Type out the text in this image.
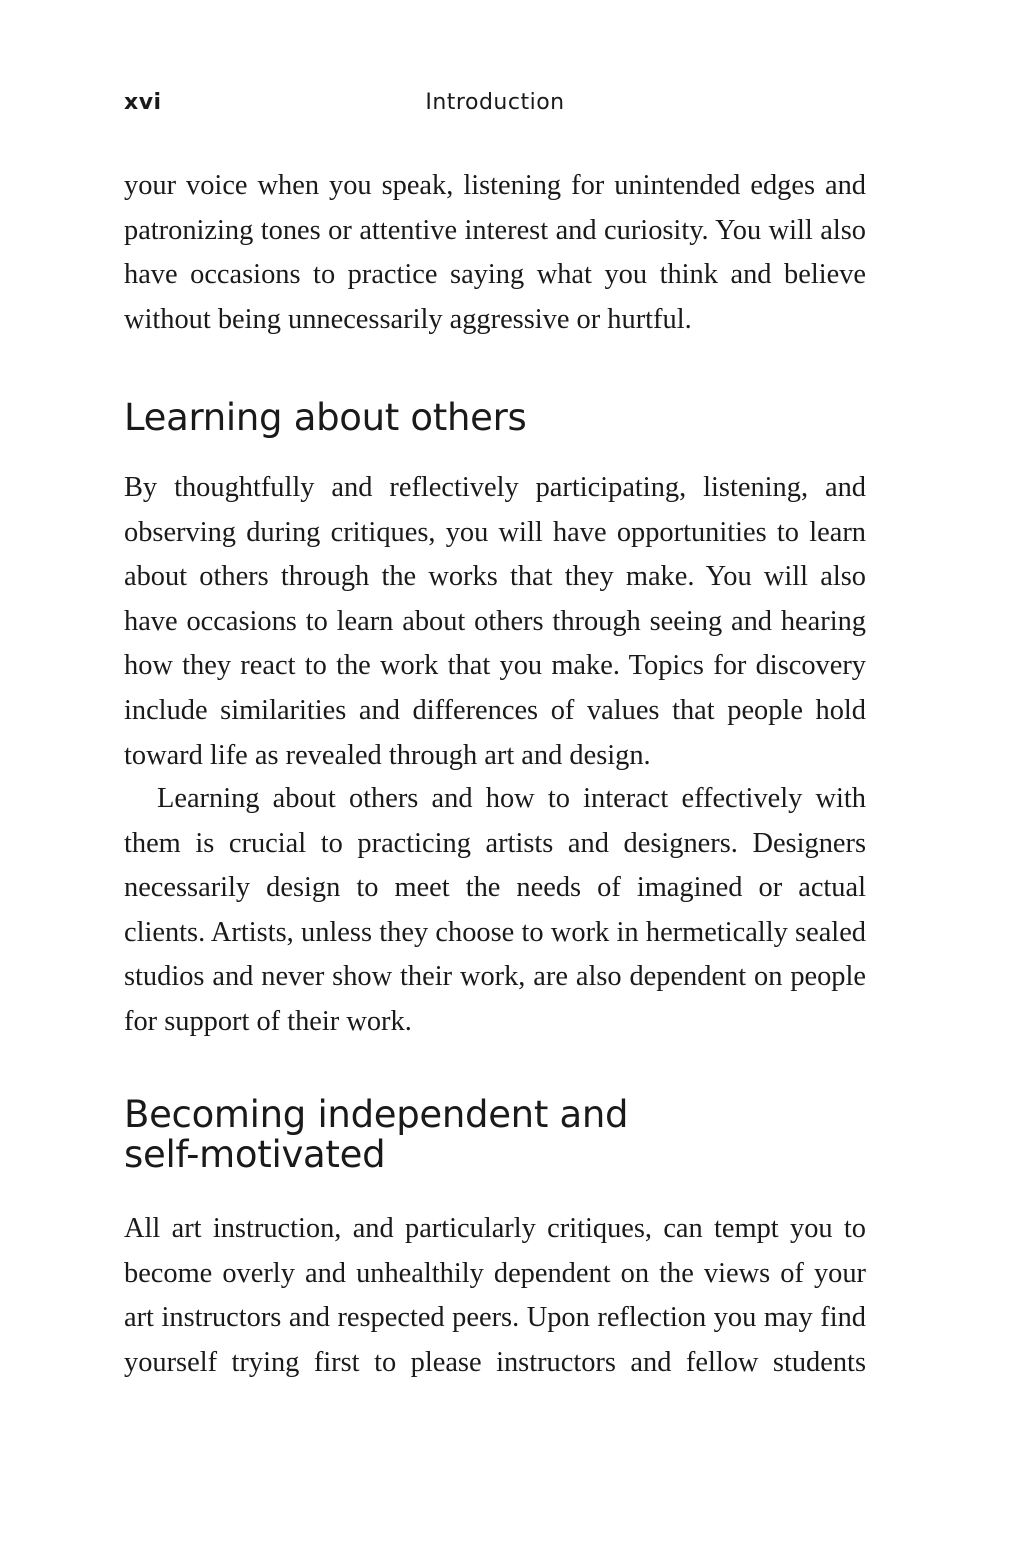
xvi	Introduction

your voice when you speak, listening for unintended edges and patronizing tones or attentive interest and curiosity. You will also have occasions to practice saying what you think and believe without being unnecessarily aggressive or hurtful.

Learning about others

By thoughtfully and reflectively participating, listening, and observing during critiques, you will have opportunities to learn about others through the works that they make. You will also have occasions to learn about others through seeing and hearing how they react to the work that you make. Topics for discovery include similarities and differences of values that people hold toward life as revealed through art and design.

Learning about others and how to interact effectively with them is crucial to practicing artists and designers. Designers necessarily design to meet the needs of imagined or actual clients. Artists, unless they choose to work in hermetically sealed studios and never show their work, are also dependent on people for support of their work.

Becoming independent and
self-motivated

All art instruction, and particularly critiques, can tempt you to become overly and unhealthily dependent on the views of your art instructors and respected peers. Upon reflection you may find yourself trying first to please instructors and fellow students
